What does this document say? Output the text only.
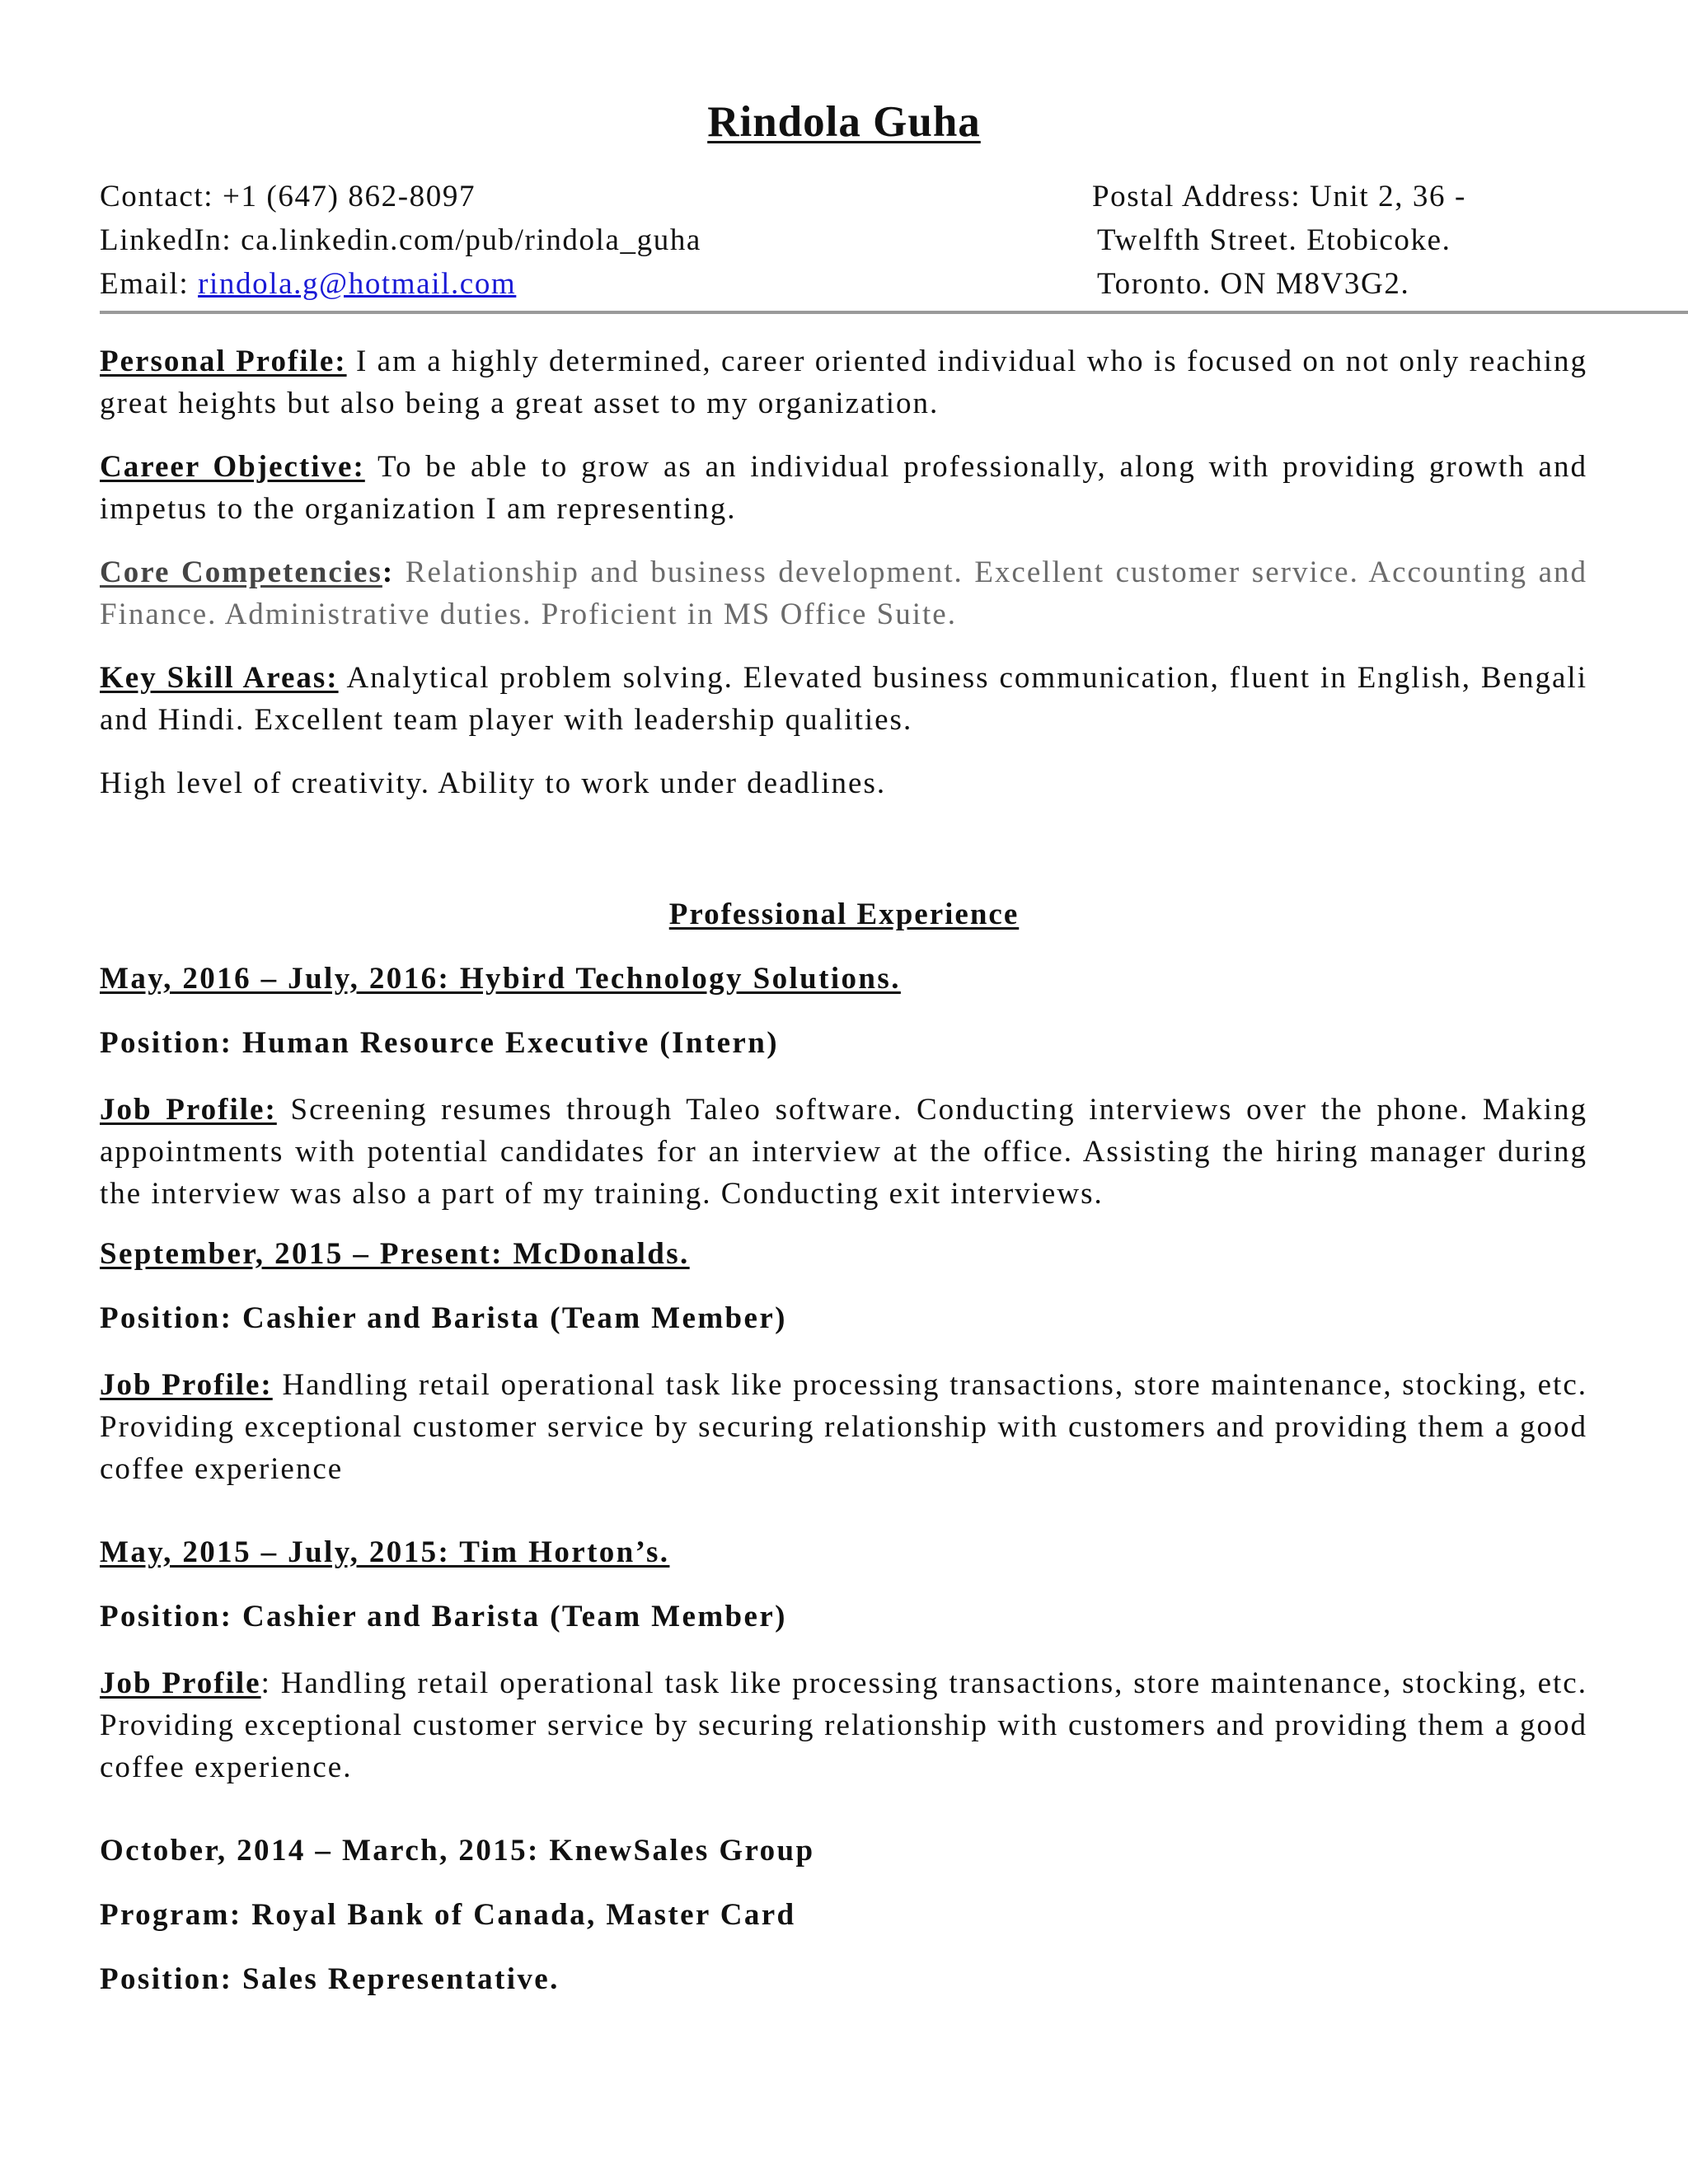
Rindola Guha
Contact: +1 (647) 862-8097
LinkedIn: ca.linkedin.com/pub/rindola_guha
Email: rindola.g@hotmail.com
Postal Address: Unit 2, 36 -
Twelfth Street. Etobicoke.
Toronto. ON M8V3G2.
Personal Profile: I am a highly determined, career oriented individual who is focused on not only reaching great heights but also being a great asset to my organization.
Career Objective: To be able to grow as an individual professionally, along with providing growth and impetus to the organization I am representing.
Core Competencies: Relationship and business development. Excellent customer service. Accounting and Finance. Administrative duties. Proficient in MS Office Suite.
Key Skill Areas: Analytical problem solving. Elevated business communication, fluent in English, Bengali and Hindi. Excellent team player with leadership qualities.
High level of creativity. Ability to work under deadlines.
Professional Experience
May, 2016 – July, 2016: Hybird Technology Solutions.
Position: Human Resource Executive (Intern)
Job Profile: Screening resumes through Taleo software. Conducting interviews over the phone. Making appointments with potential candidates for an interview at the office. Assisting the hiring manager during the interview was also a part of my training. Conducting exit interviews.
September, 2015 – Present: McDonalds.
Position: Cashier and Barista (Team Member)
Job Profile: Handling retail operational task like processing transactions, store maintenance, stocking, etc. Providing exceptional customer service by securing relationship with customers and providing them a good coffee experience
May, 2015 – July, 2015: Tim Horton’s.
Position: Cashier and Barista (Team Member)
Job Profile: Handling retail operational task like processing transactions, store maintenance, stocking, etc. Providing exceptional customer service by securing relationship with customers and providing them a good coffee experience.
October, 2014 – March, 2015: KnewSales Group
Program: Royal Bank of Canada, Master Card
Position: Sales Representative.
